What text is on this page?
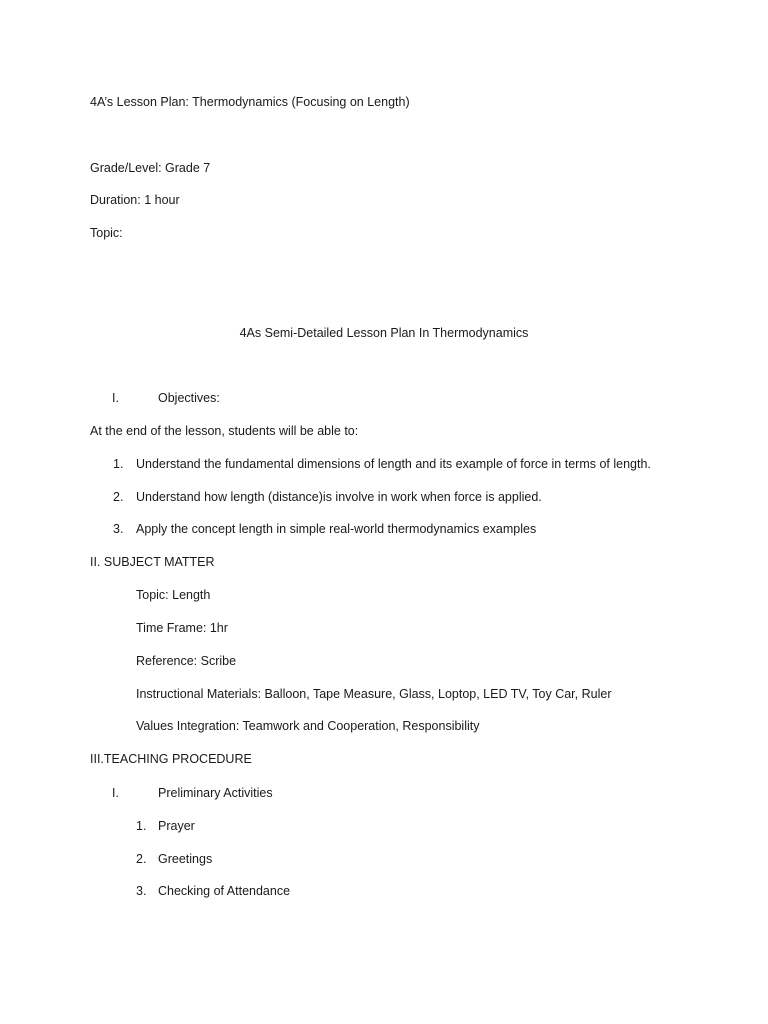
4A’s Lesson Plan: Thermodynamics (Focusing on Length)
Grade/Level: Grade 7
Duration: 1 hour
Topic:
4As Semi-Detailed Lesson Plan In Thermodynamics
I.	Objectives:
At the end of the lesson, students will be able to:
1. Understand the fundamental dimensions of length and its example of force in terms of length.
2. Understand how length (distance)is involve in work when force is applied.
3. Apply the concept length in simple real-world thermodynamics examples
II. SUBJECT MATTER
Topic: Length
Time Frame: 1hr
Reference: Scribe
Instructional Materials: Balloon, Tape Measure, Glass, Loptop, LED TV, Toy Car, Ruler
Values Integration: Teamwork and Cooperation, Responsibility
III.TEACHING PROCEDURE
I.	Preliminary Activities
1. Prayer
2. Greetings
3. Checking of Attendance
